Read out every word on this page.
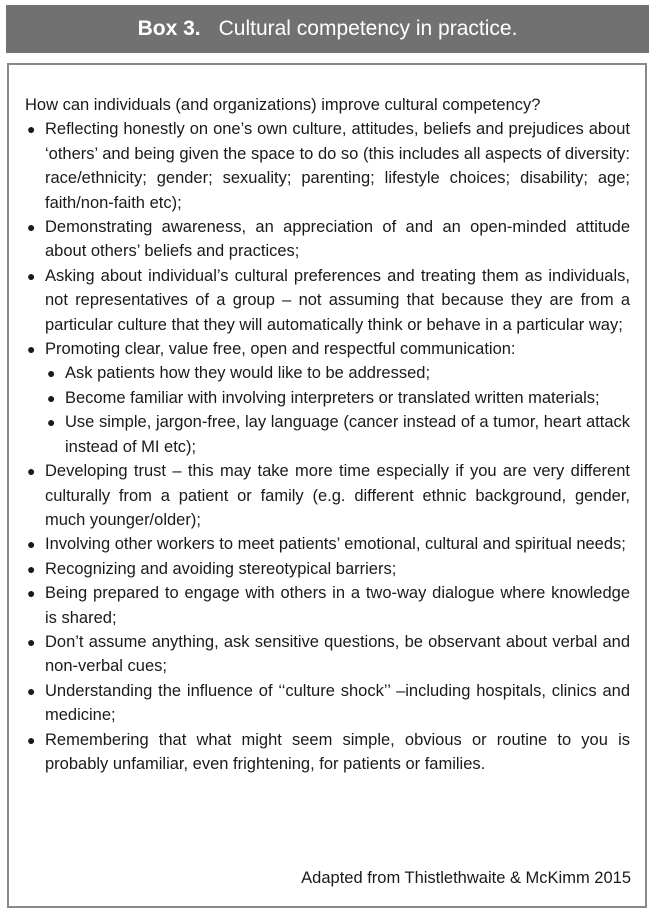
Box 3. Cultural competency in practice.

How can individuals (and organizations) improve cultural competency?

● Reflecting honestly on one’s own culture, attitudes, beliefs and prejudices about ‘others’ and being given the space to do so (this includes all aspects of diversity: race/ethnicity; gender; sexuality; parenting; lifestyle choices; disability; age; faith/non-faith etc);
● Demonstrating awareness, an appreciation of and an open-minded attitude about others’ beliefs and practices;
● Asking about individual’s cultural preferences and treating them as individuals, not representatives of a group – not assuming that because they are from a particular culture that they will automatically think or behave in a particular way;
● Promoting clear, value free, open and respectful communication:
● Ask patients how they would like to be addressed;
● Become familiar with involving interpreters or translated written materials;
● Use simple, jargon-free, lay language (cancer instead of a tumor, heart attack instead of MI etc);
● Developing trust – this may take more time especially if you are very different culturally from a patient or family (e.g. different ethnic background, gender, much younger/older);
● Involving other workers to meet patients’ emotional, cultural and spiritual needs;
● Recognizing and avoiding stereotypical barriers;
● Being prepared to engage with others in a two-way dialogue where knowledge is shared;
● Don’t assume anything, ask sensitive questions, be observant about verbal and non-verbal cues;
● Understanding the influence of ‘‘culture shock’’ –including hospitals, clinics and medicine;
● Remembering that what might seem simple, obvious or routine to you is probably unfamiliar, even frightening, for patients or families.
Adapted from Thistlethwaite & McKimm 2015
